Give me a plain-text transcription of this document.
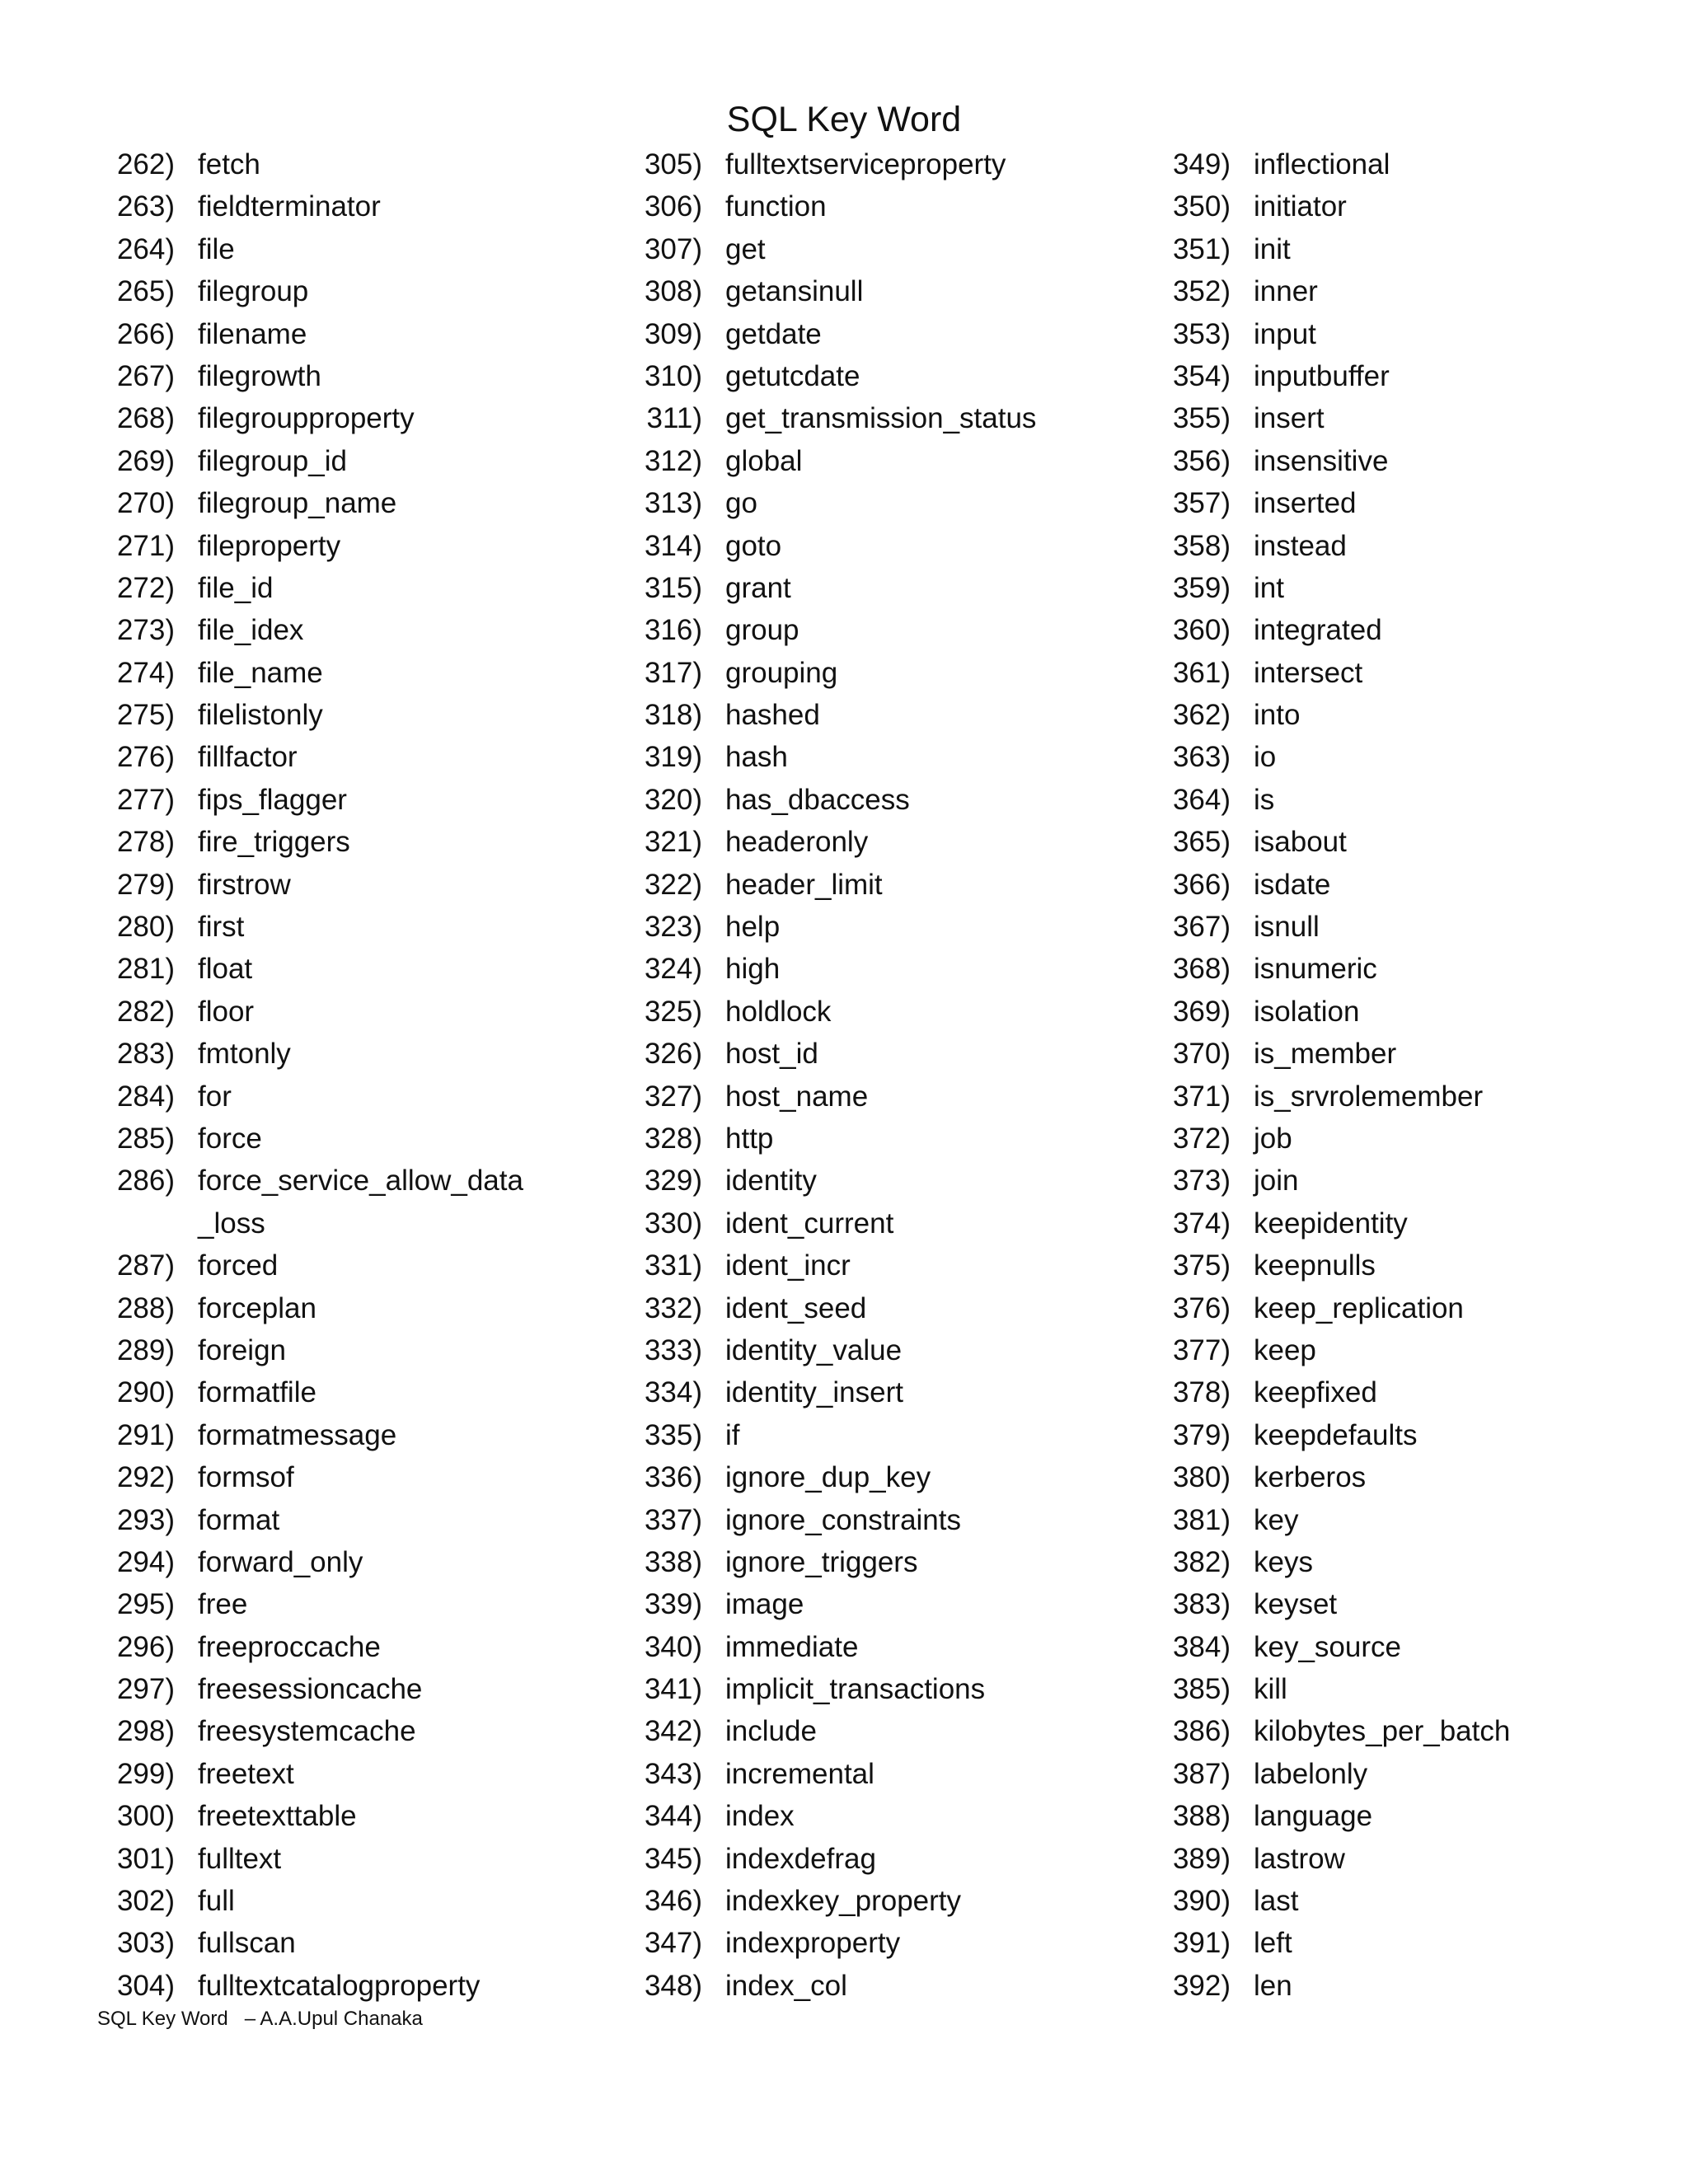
SQL Key Word
262) fetch
263) fieldterminator
264) file
265) filegroup
266) filename
267) filegrowth
268) filegroupproperty
269) filegroup_id
270) filegroup_name
271) fileproperty
272) file_id
273) file_idex
274) file_name
275) filelistonly
276) fillfactor
277) fips_flagger
278) fire_triggers
279) firstrow
280) first
281) float
282) floor
283) fmtonly
284) for
285) force
286) force_service_allow_data
_loss
287) forced
288) forceplan
289) foreign
290) formatfile
291) formatmessage
292) formsof
293) format
294) forward_only
295) free
296) freeproccache
297) freesessioncache
298) freesystemcache
299) freetext
300) freetexttable
301) fulltext
302) full
303) fullscan
304) fulltextcatalogproperty
305) fulltextserviceproperty
306) function
307) get
308) getansinull
309) getdate
310) getutcdate
311) get_transmission_status
312) global
313) go
314) goto
315) grant
316) group
317) grouping
318) hashed
319) hash
320) has_dbaccess
321) headeronly
322) header_limit
323) help
324) high
325) holdlock
326) host_id
327) host_name
328) http
329) identity
330) ident_current
331) ident_incr
332) ident_seed
333) identity_value
334) identity_insert
335) if
336) ignore_dup_key
337) ignore_constraints
338) ignore_triggers
339) image
340) immediate
341) implicit_transactions
342) include
343) incremental
344) index
345) indexdefrag
346) indexkey_property
347) indexproperty
348) index_col
349) inflectional
350) initiator
351) init
352) inner
353) input
354) inputbuffer
355) insert
356) insensitive
357) inserted
358) instead
359) int
360) integrated
361) intersect
362) into
363) io
364) is
365) isabout
366) isdate
367) isnull
368) isnumeric
369) isolation
370) is_member
371) is_srvrolemember
372) job
373) join
374) keepidentity
375) keepnulls
376) keep_replication
377) keep
378) keepfixed
379) keepdefaults
380) kerberos
381) key
382) keys
383) keyset
384) key_source
385) kill
386) kilobytes_per_batch
387) labelonly
388) language
389) lastrow
390) last
391) left
392) len
SQL Key Word   – A.A.Upul Chanaka
